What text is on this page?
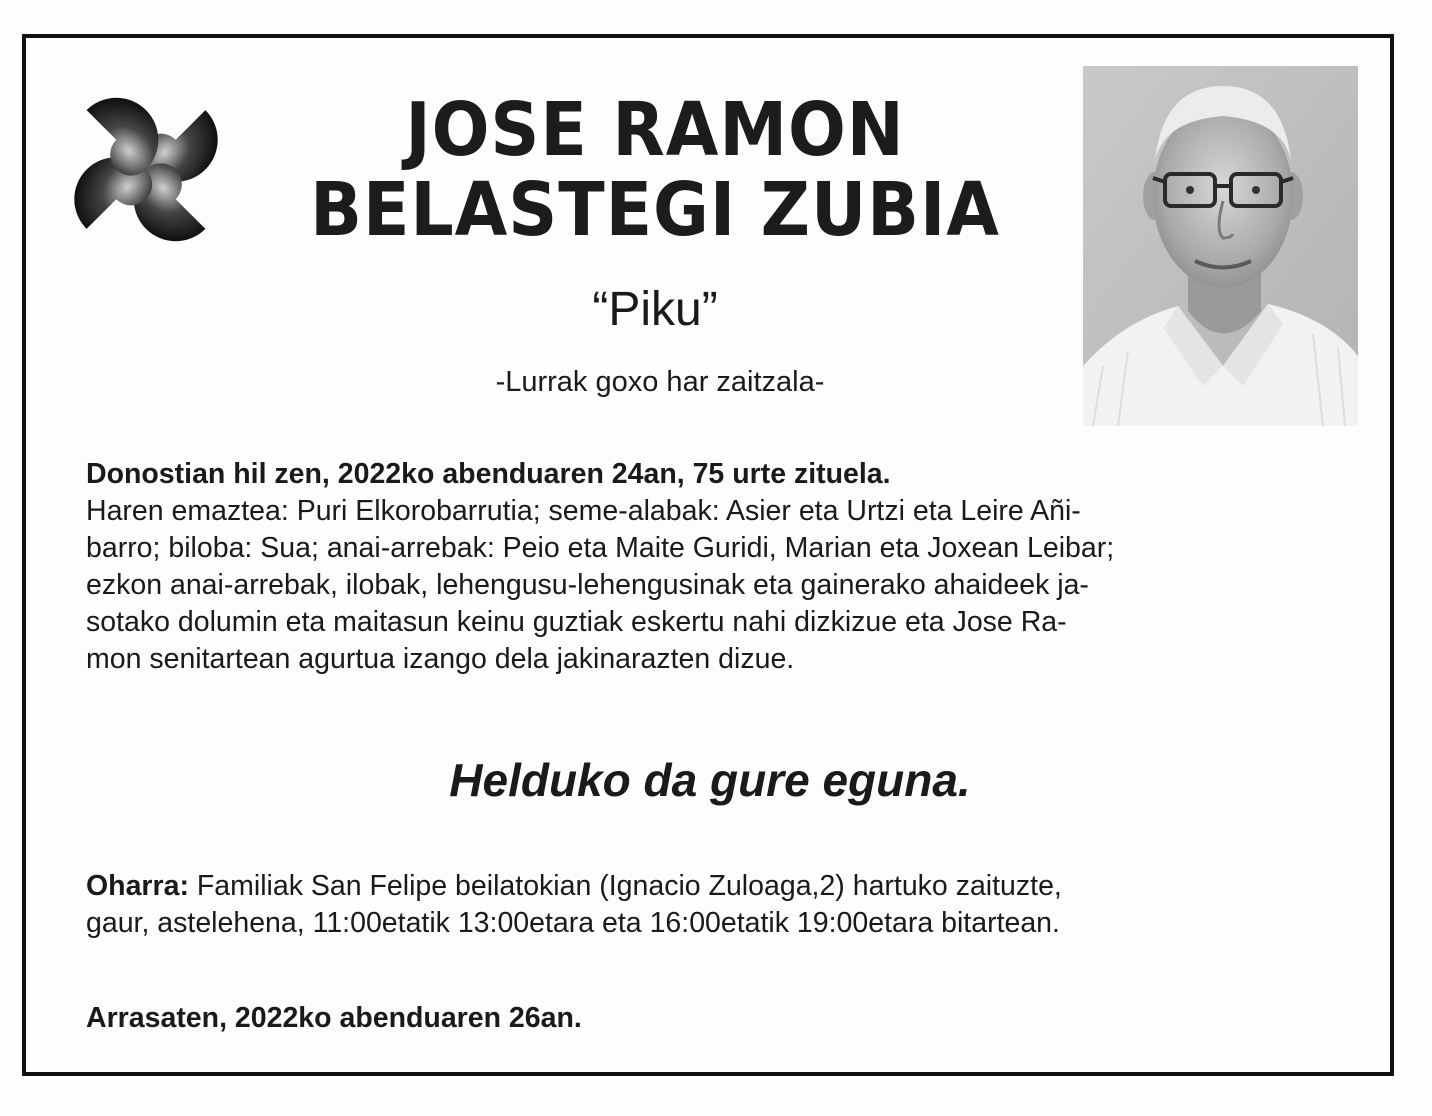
JOSE RAMON
BELASTEGI ZUBIA
“Piku”
-Lurrak goxo har zaitzala-

Donostian hil zen, 2022ko abenduaren 24an, 75 urte zituela.

Haren emaztea: Puri Elkorobarrutia; seme-alabak: Asier eta Urtzi eta Leire Añi-

barro; biloba: Sua; anai-arrebak: Peio eta Maite Guridi, Marian eta Joxean Leibar;

ezkon anai-arrebak, ilobak, lehengusu-lehengusinak eta gainerako ahaideek ja-

sotako dolumin eta maitasun keinu guztiak eskertu nahi dizkizue eta Jose Ra-

mon senitartean agurtua izango dela jakinarazten dizue.

Helduko da gure eguna.

Oharra: Familiak San Felipe beilatokian (Ignacio Zuloaga,2) hartuko zaituzte,

gaur, astelehena, 11:00etatik 13:00etara eta 16:00etatik 19:00etara bitartean.

Arrasaten, 2022ko abenduaren 26an.
